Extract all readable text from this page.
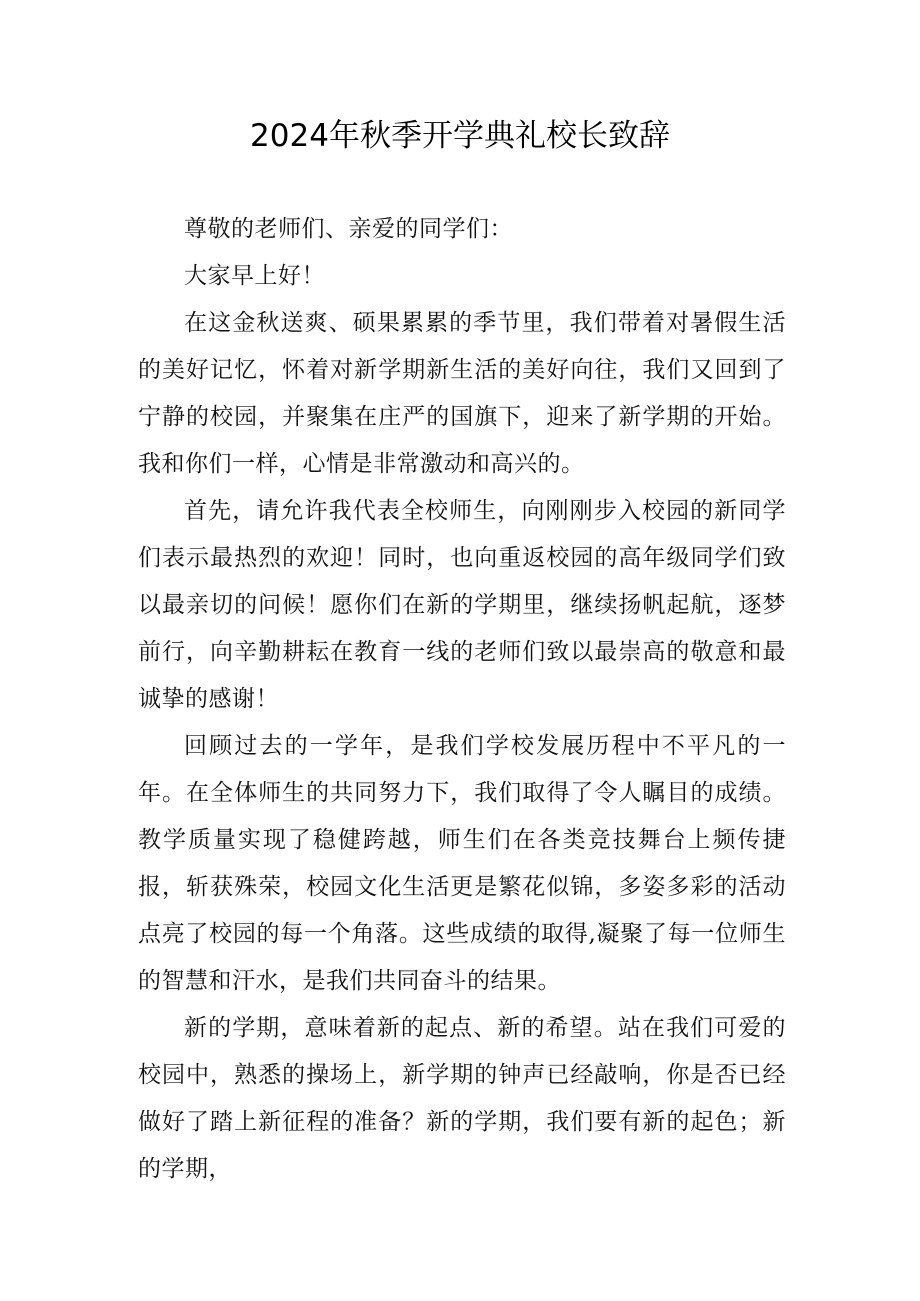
2024年秋季开学典礼校长致辞

尊敬的老师们、亲爱的同学们：

大家早上好！

在这金秋送爽、硕果累累的季节里，我们带着对暑假生活的美好记忆，怀着对新学期新生活的美好向往，我们又回到了宁静的校园，并聚集在庄严的国旗下，迎来了新学期的开始。我和你们一样，心情是非常激动和高兴的。

首先，请允许我代表全校师生，向刚刚步入校园的新同学们表示最热烈的欢迎！同时，也向重返校园的高年级同学们致以最亲切的问候！愿你们在新的学期里，继续扬帆起航，逐梦前行，向辛勤耕耘在教育一线的老师们致以最崇高的敬意和最诚挚的感谢！

回顾过去的一学年，是我们学校发展历程中不平凡的一年。在全体师生的共同努力下，我们取得了令人瞩目的成绩。教学质量实现了稳健跨越，师生们在各类竞技舞台上频传捷报，斩获殊荣，校园文化生活更是繁花似锦，多姿多彩的活动点亮了校园的每一个角落。这些成绩的取得,凝聚了每一位师生的智慧和汗水，是我们共同奋斗的结果。

新的学期，意味着新的起点、新的希望。站在我们可爱的校园中，熟悉的操场上，新学期的钟声已经敲响，你是否已经做好了踏上新征程的准备？新的学期，我们要有新的起色；新的学期，
